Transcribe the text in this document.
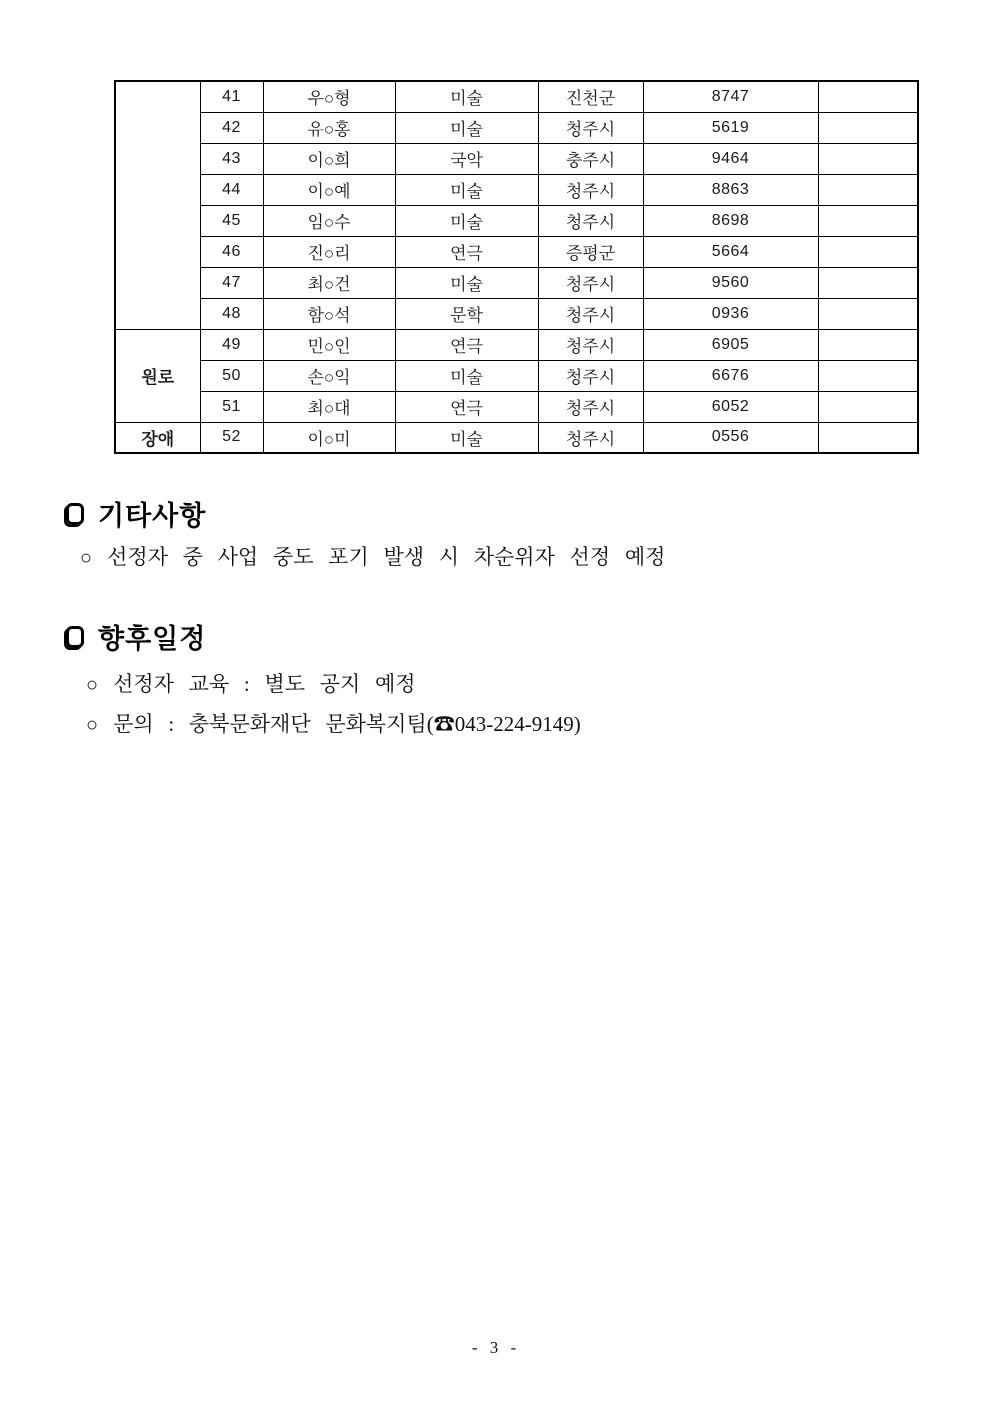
	41	우○형	미술	진천군	8747	
	42	유○홍	미술	청주시	5619	
	43	이○희	국악	충주시	9464	
	44	이○예	미술	청주시	8863	
	45	임○수	미술	청주시	8698	
	46	진○리	연극	증평군	5664	
	47	최○건	미술	청주시	9560	
	48	함○석	문학	청주시	0936	
원로	49	민○인	연극	청주시	6905	
	50	손○익	미술	청주시	6676	
	51	최○대	연극	청주시	6052	
장애	52	이○미	미술	청주시	0556	
기타사항
○ 선정자 중 사업 중도 포기 발생 시 차순위자 선정 예정
향후일정
○ 선정자 교육 : 별도 공지 예정
○ 문의 : 충북문화재단 문화복지팀(☎043-224-9149)
- 3 -
